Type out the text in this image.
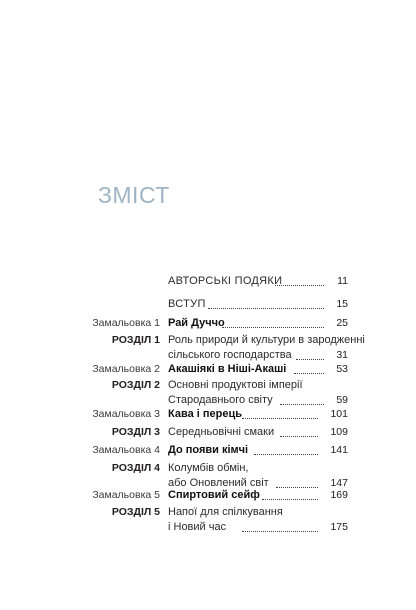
ЗМІСТ
АВТОРСЬКІ ПОДЯКИ	11
ВСТУП	15
Замальовка 1 Рай Дуччо	25
РОЗДІЛ 1 Роль природи й культури в зародженні
сільського господарства	31
Замальовка 2 Акашіякі в Ніші-Акаші	53
РОЗДІЛ 2 Основні продуктові імперії
Стародавнього світу	59
Замальовка 3 Кава і перець	101
РОЗДІЛ 3 Середньовічні смаки	109
Замальовка 4 До появи кімчі	141
РОЗДІЛ 4 Колумбів обмін,
або Оновлений світ	147
Замальовка 5 Спиртовий сейф	169
РОЗДІЛ 5 Напої для спілкування
і Новий час	175
